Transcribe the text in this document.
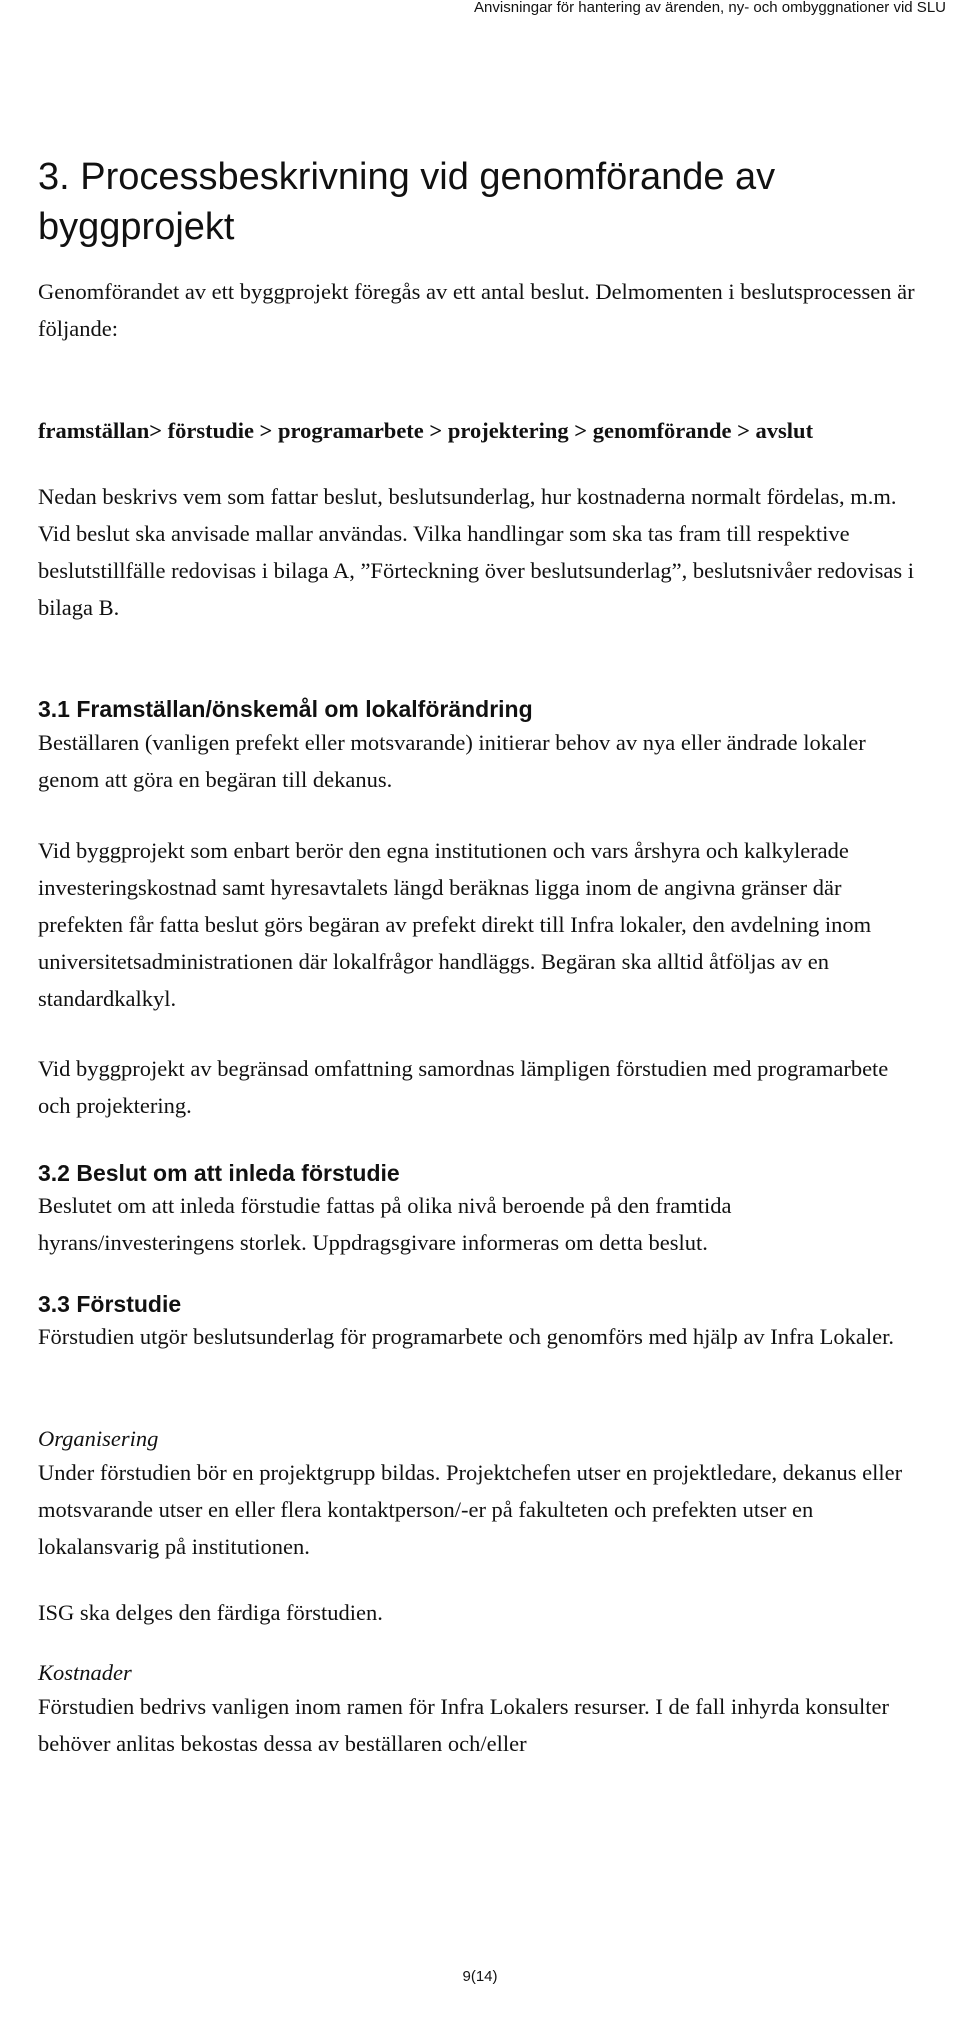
Anvisningar för hantering av ärenden, ny- och ombyggnationer vid SLU
3. Processbeskrivning vid genomförande av byggprojekt

Genomförandet av ett byggprojekt föregås av ett antal beslut. Delmomenten i beslutsprocessen är följande:

framställan> förstudie > programarbete > projektering > genomförande > avslut

Nedan beskrivs vem som fattar beslut, beslutsunderlag, hur kostnaderna normalt fördelas, m.m. Vid beslut ska anvisade mallar användas. Vilka handlingar som ska tas fram till respektive beslutstillfälle redovisas i bilaga A, ”Förteckning över beslutsunderlag”, beslutsnivåer redovisas i bilaga B.

3.1 Framställan/önskemål om lokalförändring

Beställaren (vanligen prefekt eller motsvarande) initierar behov av nya eller ändrade lokaler genom att göra en begäran till dekanus.

Vid byggprojekt som enbart berör den egna institutionen och vars årshyra och kalkylerade investeringskostnad samt hyresavtalets längd beräknas ligga inom de angivna gränser där prefekten får fatta beslut görs begäran av prefekt direkt till Infra lokaler, den avdelning inom universitetsadministrationen där lokalfrågor handläggs. Begäran ska alltid åtföljas av en standardkalkyl.

Vid byggprojekt av begränsad omfattning samordnas lämpligen förstudien med programarbete och projektering.

3.2 Beslut om att inleda förstudie

Beslutet om att inleda förstudie fattas på olika nivå beroende på den framtida hyrans/investeringens storlek. Uppdragsgivare informeras om detta beslut.

3.3 Förstudie

Förstudien utgör beslutsunderlag för programarbete och genomförs med hjälp av Infra Lokaler.

Organisering

Under förstudien bör en projektgrupp bildas. Projektchefen utser en projektledare, dekanus eller motsvarande utser en eller flera kontaktperson/-er på fakulteten och prefekten utser en lokalansvarig på institutionen.

ISG ska delges den färdiga förstudien.

Kostnader

Förstudien bedrivs vanligen inom ramen för Infra Lokalers resurser. I de fall inhyrda konsulter behöver anlitas bekostas dessa av beställaren och/eller

9(14)
